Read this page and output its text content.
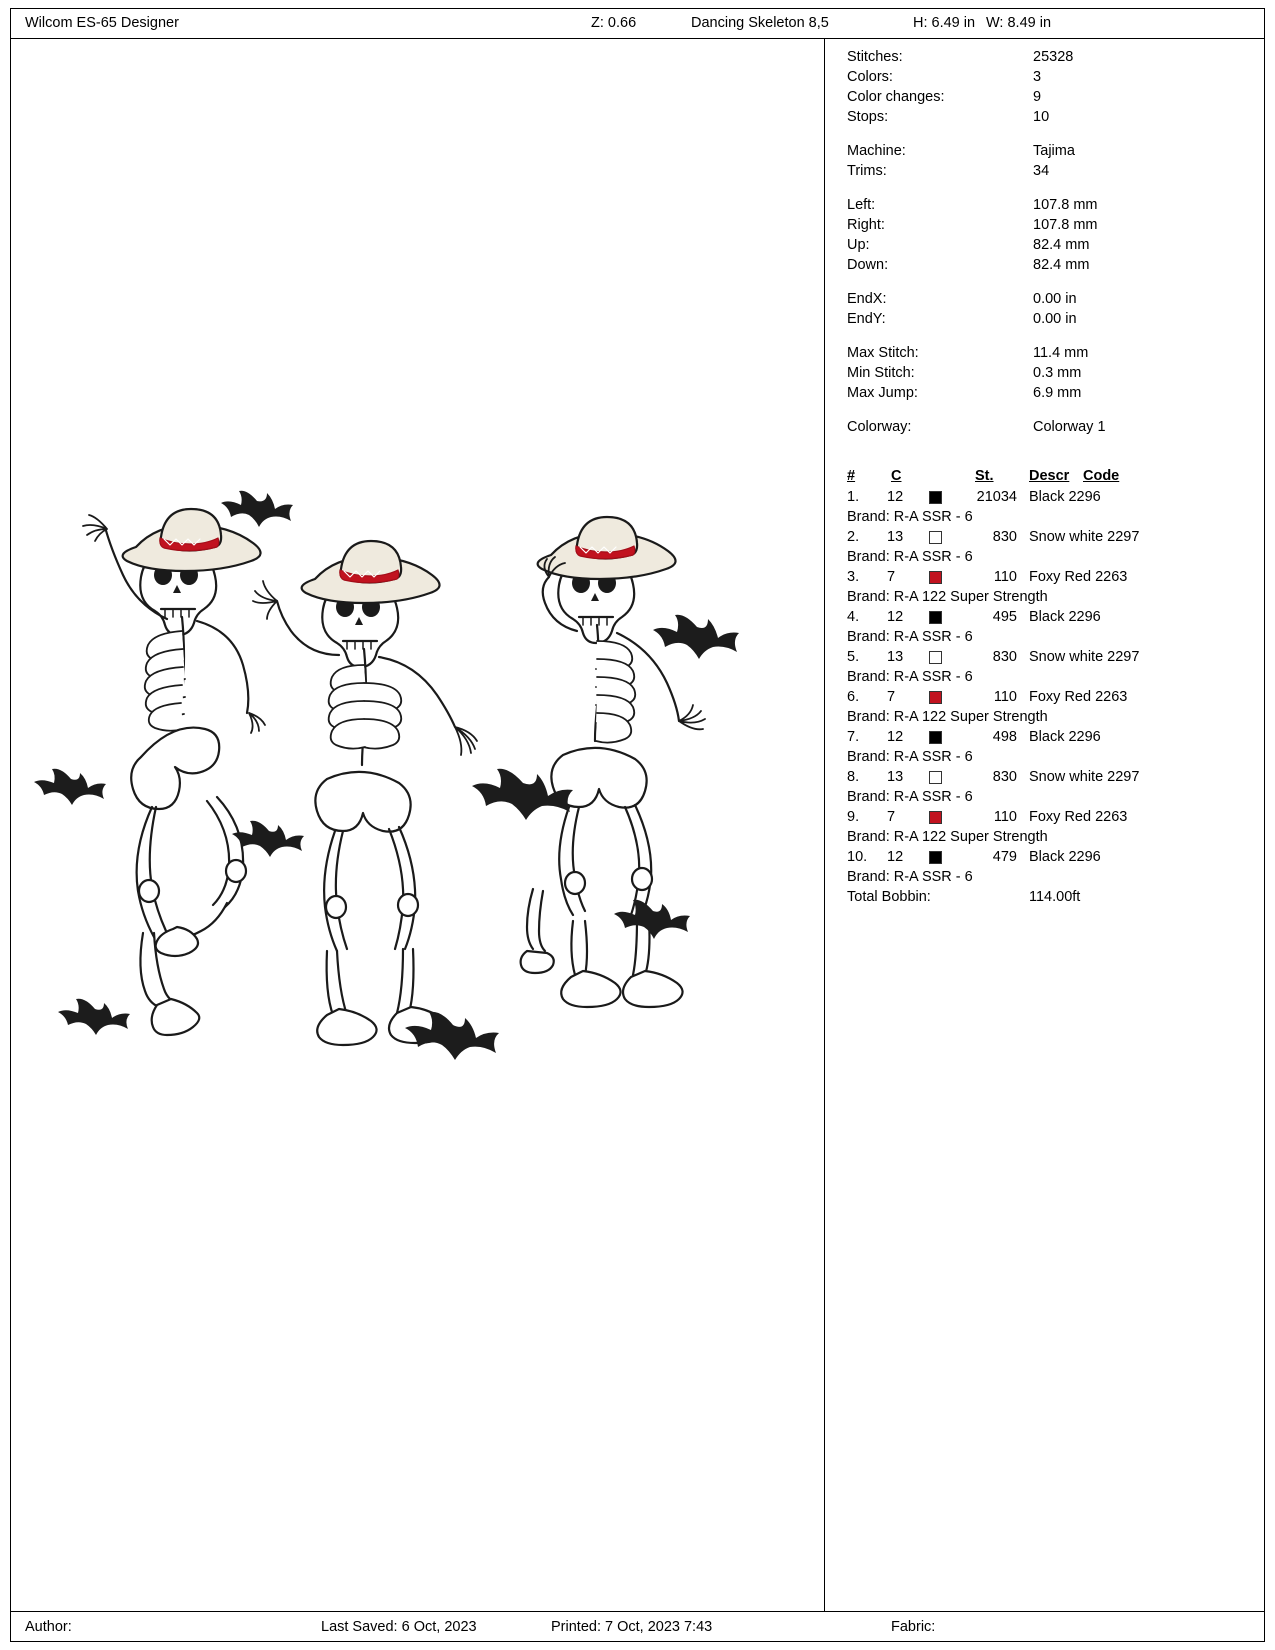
Wilcom ES-65 Designer	Z: 0.66	Dancing Skeleton 8,5	H: 6.49 in W: 8.49 in
Stitches:	25328
Colors:	3
Color changes:	9
Stops:	10
Machine:	Tajima
Trims:	34
Left:	107.8 mm
Right:	107.8 mm
Up:	82.4 mm
Down:	82.4 mm
EndX:	0.00 in
EndY:	0.00 in
Max Stitch:	11.4 mm
Min Stitch:	0.3 mm
Max Jump:	6.9 mm
Colorway:	Colorway 1
# C	St. Descr Code
1. 12	21034 Black 2296
Brand: R-A SSR - 6
2. 13	830 Snow white 2297
Brand: R-A SSR - 6
3. 7	110 Foxy Red 2263
Brand: R-A 122 Super Strength
4. 12	495 Black 2296
Brand: R-A SSR - 6
5. 13	830 Snow white 2297
Brand: R-A SSR - 6
6. 7	110 Foxy Red 2263
Brand: R-A 122 Super Strength
7. 12	498 Black 2296
Brand: R-A SSR - 6
8. 13	830 Snow white 2297
Brand: R-A SSR - 6
9. 7	110 Foxy Red 2263
Brand: R-A 122 Super Strength
10. 12	479 Black 2296
Brand: R-A SSR - 6
Total Bobbin:	114.00ft
Author:	Last Saved: 6 Oct, 2023	Printed: 7 Oct, 2023 7:43	Fabric:
